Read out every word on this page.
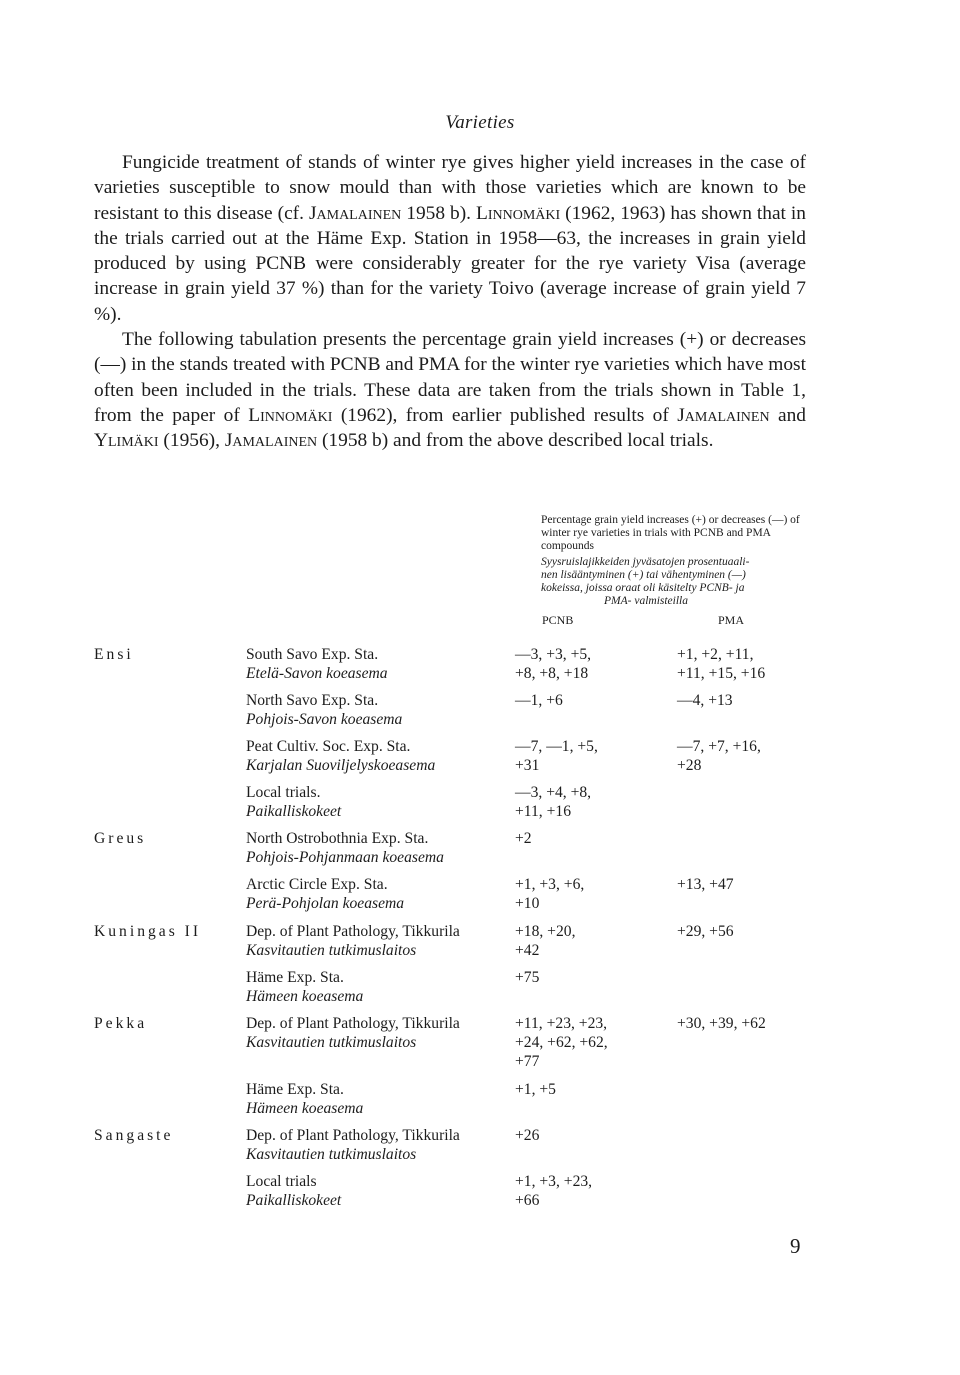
Varieties

Fungicide treatment of stands of winter rye gives higher yield increases in the case of varieties susceptible to snow mould than with those varieties which are known to be resistant to this disease (cf. Jamalainen 1958 b). Linnomäki (1962, 1963) has shown that in the trials carried out at the Häme Exp. Station in 1958—63, the increases in grain yield produced by using PCNB were considerably greater for the rye variety Visa (average increase in grain yield 37 %) than for the variety Toivo (average increase of grain yield 7 %).

The following tabulation presents the percentage grain yield increases (+) or decreases (—) in the stands treated with PCNB and PMA for the winter rye varieties which have most often been included in the trials. These data are taken from the trials shown in Table 1, from the paper of Linnomäki (1962), from earlier published results of Jamalainen and Ylimäki (1956), Jamalainen (1958 b) and from the above described local trials.

Percentage grain yield increases (+) or decreases (—) of winter rye varieties in trials with PCNB and PMA compounds

Syysruislajikkeiden jyväsatojen prosentuaali-
nen lisääntyminen (+) tai vähentyminen (—)
kokeissa, joissa oraat oli käsitelty PCNB- ja
PMA- valmisteilla

PCNB	PMA
Ensi
Greus
Kuningas II
Pekka
Sangaste
South Savo Exp. Sta.
Etelä-Savon koeasema
—3, +3, +5,
+8, +8, +18
+1, +2, +11,
+11, +15, +16
North Savo Exp. Sta.
Pohjois-Savon koeasema
—1, +6	—4, +13
Peat Cultiv. Soc. Exp. Sta.
Karjalan Suoviljelyskoeasema
—7, —1, +5,
+31
—7, +7, +16,
+28
Local trials.
Paikalliskokeet
—3, +4, +8,
+11, +16
North Ostrobothnia Exp. Sta.
Pohjois-Pohjanmaan koeasema
+2
Arctic Circle Exp. Sta.
Perä-Pohjolan koeasema
+1, +3, +6,
+10
+13, +47
Dep. of Plant Pathology, Tikkurila
Kasvitautien tutkimuslaitos
+18, +20,
+42
+29, +56
Häme Exp. Sta.
Hämeen koeasema
+75
Dep. of Plant Pathology, Tikkurila
Kasvitautien tutkimuslaitos
+11, +23, +23,
+24, +62, +62,
+77
+30, +39, +62
Häme Exp. Sta.
Hämeen koeasema
+1, +5
Dep. of Plant Pathology, Tikkurila
Kasvitautien tutkimuslaitos
+26
Local trials
Paikalliskokeet
+1, +3, +23,
+66
9
